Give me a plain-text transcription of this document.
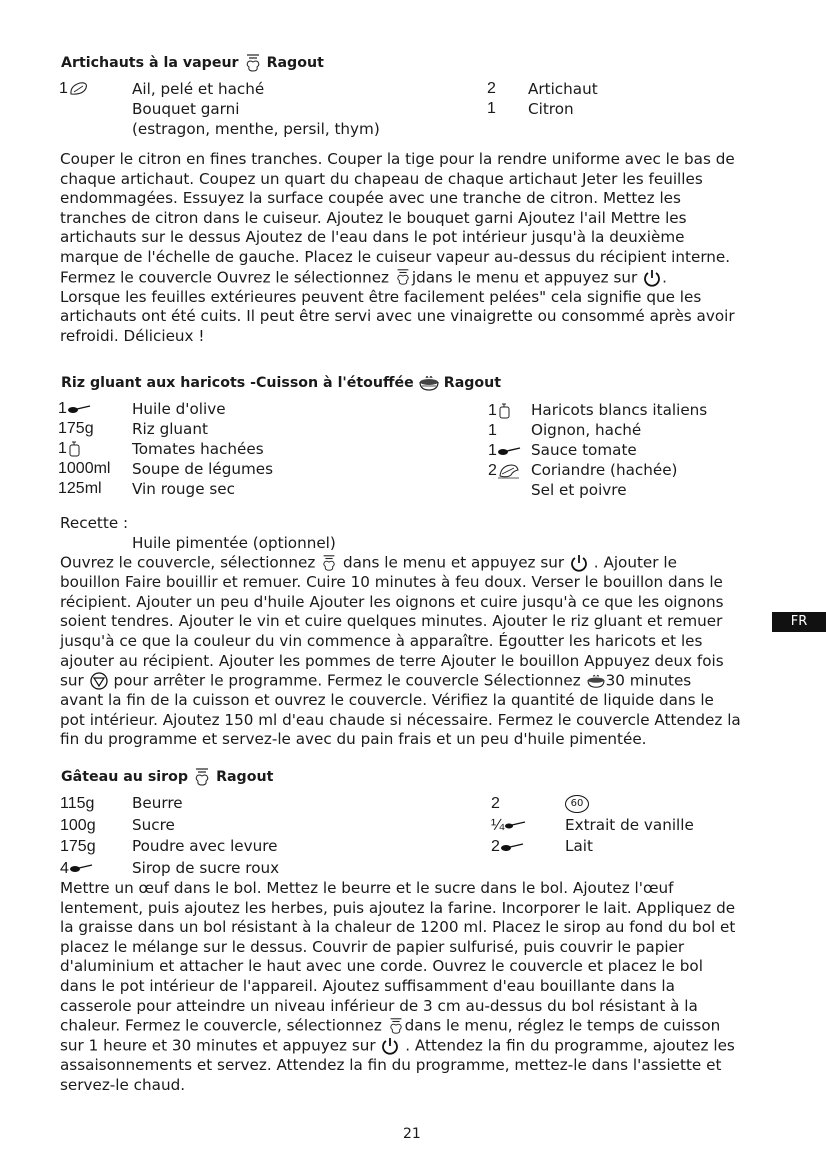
Artichauts à la vapeur Ragout
1	Ail, pelé et haché
Bouquet garni
(estragon, menthe, persil, thym)
2
1
Artichaut
Citron
Couper le citron en fines tranches. Couper la tige pour la rendre uniforme avec le bas de
chaque artichaut. Coupez un quart du chapeau de chaque artichaut Jeter les feuilles
endommagées. Essuyez la surface coupée avec une tranche de citron. Mettez les
tranches de citron dans le cuiseur. Ajoutez le bouquet garni Ajoutez l'ail Mettre les
artichauts sur le dessus Ajoutez de l'eau dans le pot intérieur jusqu'à la deuxième
marque de l'échelle de gauche. Placez le cuiseur vapeur au-dessus du récipient interne.
Fermez le couvercle Ouvrez le sélectionnez jdans le menu et appuyez sur .
Lorsque les feuilles extérieures peuvent être facilement pelées" cela signifie que les
artichauts ont été cuits. Il peut être servi avec une vinaigrette ou consommé après avoir
refroidi. Délicieux !
Riz gluant aux haricots -Cuisson à l'étouffée Ragout
1
175g
1
1000ml
125ml
Huile d'olive
Riz gluant
Tomates hachées
Soupe de légumes
Vin rouge sec
1
1
1
2
Haricots blancs italiens
Oignon, haché
Sauce tomate
Coriandre (hachée)
Sel et poivre
Recette :
Huile pimentée (optionnel)
Ouvrez le couvercle, sélectionnez dans le menu et appuyez sur . Ajouter le
bouillon Faire bouillir et remuer. Cuire 10 minutes à feu doux. Verser le bouillon dans le
récipient. Ajouter un peu d'huile Ajouter les oignons et cuire jusqu'à ce que les oignons
soient tendres. Ajouter le vin et cuire quelques minutes. Ajouter le riz gluant et remuer
jusqu'à ce que la couleur du vin commence à apparaître. Égoutter les haricots et les
ajouter au récipient. Ajouter les pommes de terre Ajouter le bouillon Appuyez deux fois
sur pour arrêter le programme. Fermez le couvercle Sélectionnez 30 minutes
avant la fin de la cuisson et ouvrez le couvercle. Vérifiez la quantité de liquide dans le
pot intérieur. Ajoutez 150 ml d'eau chaude si nécessaire. Fermez le couvercle Attendez la
fin du programme et servez-le avec du pain frais et un peu d'huile pimentée.
Gâteau au sirop Ragout
115g
100g
175g
4
Beurre
Sucre
Poudre avec levure
Sirop de sucre roux
2
¼
2
60
Extrait de vanille
Lait
Mettre un œuf dans le bol. Mettez le beurre et le sucre dans le bol. Ajoutez l'œuf
lentement, puis ajoutez les herbes, puis ajoutez la farine. Incorporer le lait. Appliquez de
la graisse dans un bol résistant à la chaleur de 1200 ml. Placez le sirop au fond du bol et
placez le mélange sur le dessus. Couvrir de papier sulfurisé, puis couvrir le papier
d'aluminium et attacher le haut avec une corde. Ouvrez le couvercle et placez le bol
dans le pot intérieur de l'appareil. Ajoutez suffisamment d'eau bouillante dans la
casserole pour atteindre un niveau inférieur de 3 cm au-dessus du bol résistant à la
chaleur. Fermez le couvercle, sélectionnez dans le menu, réglez le temps de cuisson
sur 1 heure et 30 minutes et appuyez sur . Attendez la fin du programme, ajoutez les
assaisonnements et servez. Attendez la fin du programme, mettez-le dans l'assiette et
servez-le chaud.
FR
21
